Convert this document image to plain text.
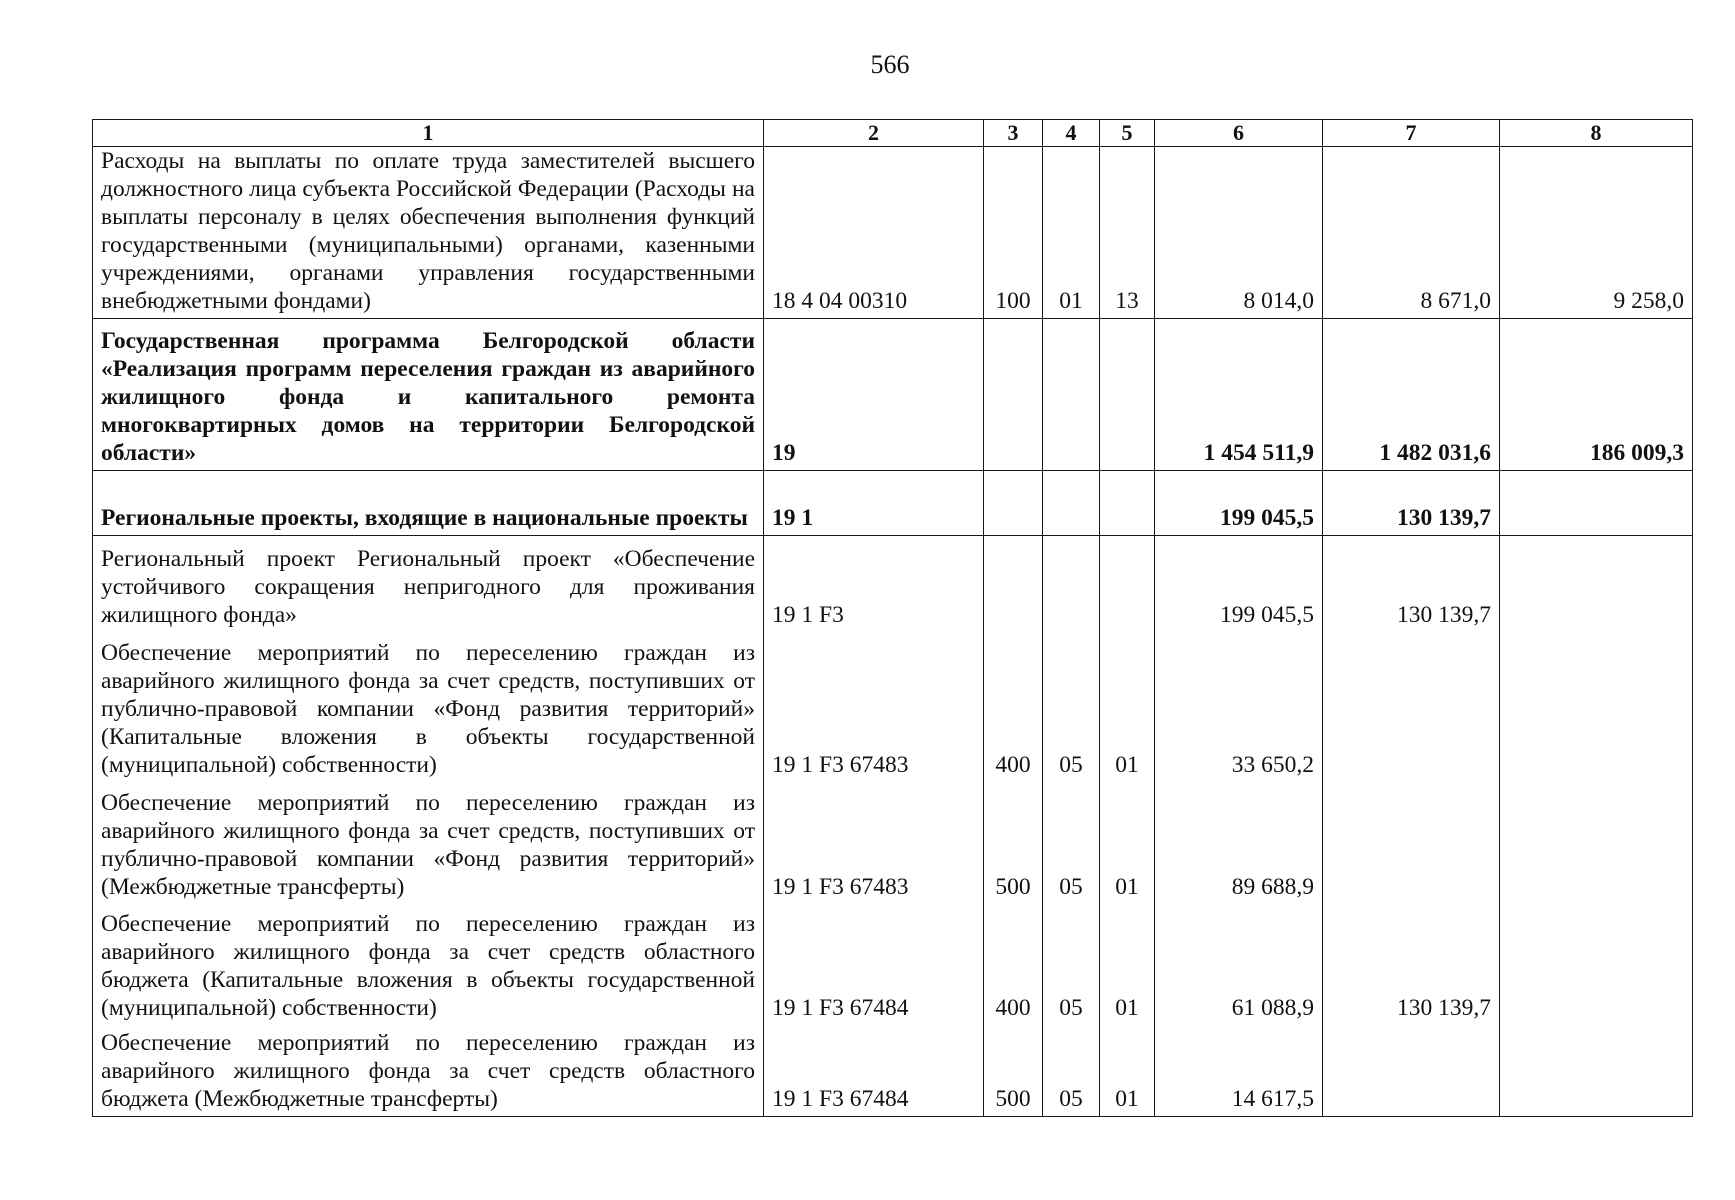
566
1	2	3	4	5	6	7	8
Расходы на выплаты по оплате труда заместителей высшего должностного лица субъекта Российской Федерации (Расходы на выплаты персоналу в целях обеспечения выполнения функций государственными (муниципальными) органами, казенными учреждениями, органами управления государственными внебюджетными фондами)	18 4 04 00310	100	01	13	8 014,0	8 671,0	9 258,0
Государственная программа Белгородской области «Реализация программ переселения граждан из аварийного жилищного фонда и капитального ремонта многоквартирных домов на территории Белгородской области»	19				1 454 511,9	1 482 031,6	186 009,3
Региональные проекты, входящие в национальные проекты	19 1				199 045,5	130 139,7	
Региональный проект Региональный проект «Обеспечение устойчивого сокращения непригодного для проживания жилищного фонда»	19 1 F3				199 045,5	130 139,7	
Обеспечение мероприятий по переселению граждан из аварийного жилищного фонда за счет средств, поступивших от публично-правовой компании «Фонд развития территорий» (Капитальные вложения в объекты государственной (муниципальной) собственности)	19 1 F3 67483	400	05	01	33 650,2		
Обеспечение мероприятий по переселению граждан из аварийного жилищного фонда за счет средств, поступивших от публично-правовой компании «Фонд развития территорий» (Межбюджетные трансферты)	19 1 F3 67483	500	05	01	89 688,9		
Обеспечение мероприятий по переселению граждан из аварийного жилищного фонда за счет средств областного бюджета (Капитальные вложения в объекты государственной (муниципальной) собственности)	19 1 F3 67484	400	05	01	61 088,9	130 139,7	
Обеспечение мероприятий по переселению граждан из аварийного жилищного фонда за счет средств областного бюджета (Межбюджетные трансферты)	19 1 F3 67484	500	05	01	14 617,5		
